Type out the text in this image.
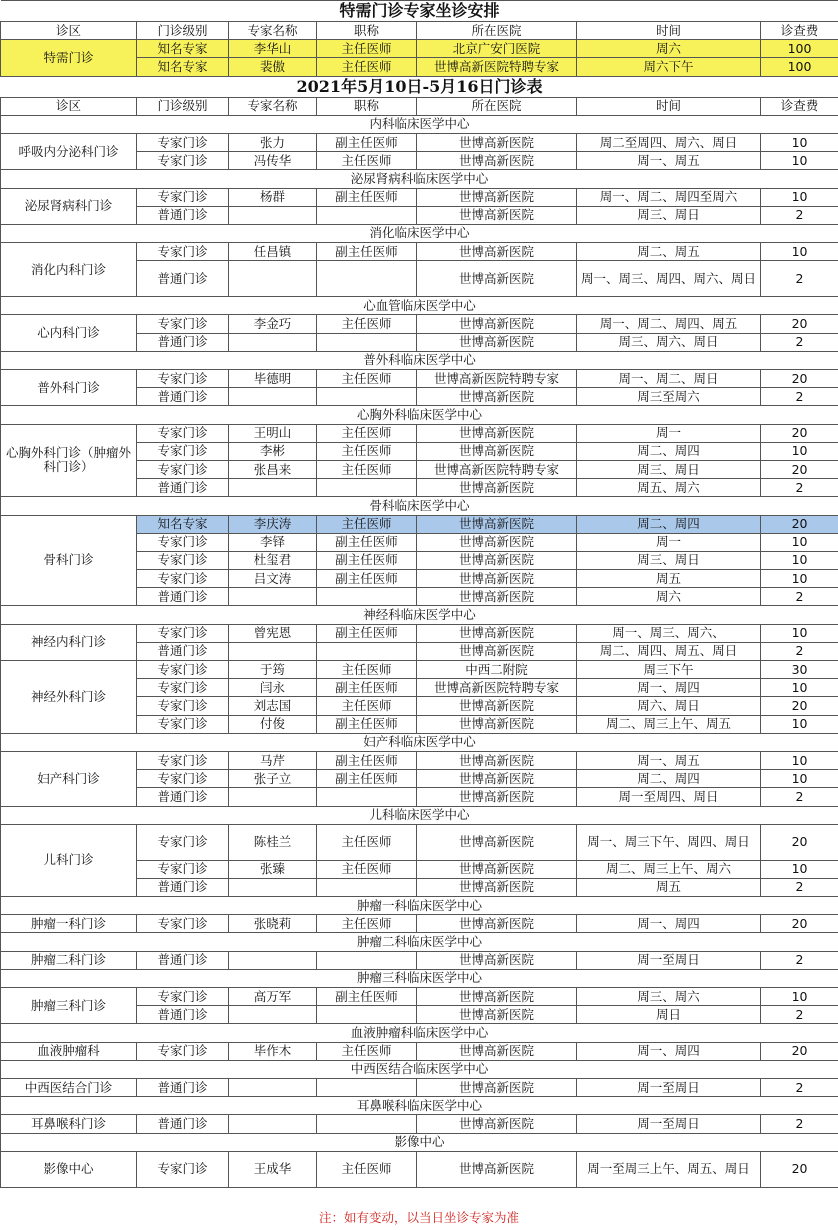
特需门诊专家坐诊安排						
诊区	门诊级别	专家名称	职称	所在医院	时间	诊查费
特需门诊	知名专家	李华山	主任医师	北京广安门医院	周六	100
	知名专家	裴傲	主任医师	世博高新医院特聘专家	周六下午	100
2021年5月10日-5月16日门诊表						
诊区	门诊级别	专家名称	职称	所在医院	时间	诊查费
内科临床医学中心						
呼吸内分泌科门诊	专家门诊	张力	副主任医师	世博高新医院	周二至周四、周六、周日	10
	专家门诊	冯传华	主任医师	世博高新医院	周一、周五	10
泌尿肾病科临床医学中心						
泌尿肾病科门诊	专家门诊	杨群	副主任医师	世博高新医院	周一、周二、周四至周六	10
	普通门诊			世博高新医院	周三、周日	2
消化临床医学中心						
消化内科门诊	专家门诊	任昌镇	副主任医师	世博高新医院	周二、周五	10
	普通门诊			世博高新医院	周一、周三、周四、周六、周日	2
心血管临床医学中心						
心内科门诊	专家门诊	李金巧	主任医师	世博高新医院	周一、周二、周四、周五	20
	普通门诊			世博高新医院	周三、周六、周日	2
普外科临床医学中心						
普外科门诊	专家门诊	毕德明	主任医师	世博高新医院特聘专家	周一、周二、周日	20
	普通门诊			世博高新医院	周三至周六	2
心胸外科临床医学中心						
心胸外科门诊（肿瘤外科门诊）	专家门诊	王明山	主任医师	世博高新医院	周一	20
	专家门诊	李彬	主任医师	世博高新医院	周二、周四	10
	专家门诊	张昌来	主任医师	世博高新医院特聘专家	周三、周日	20
	普通门诊			世博高新医院	周五、周六	2
骨科临床医学中心						
骨科门诊	知名专家	李庆涛	主任医师	世博高新医院	周二、周四	20
	专家门诊	李铎	副主任医师	世博高新医院	周一	10
	专家门诊	杜玺君	副主任医师	世博高新医院	周三、周日	10
	专家门诊	吕文涛	副主任医师	世博高新医院	周五	10
	普通门诊			世博高新医院	周六	2
神经科临床医学中心						
神经内科门诊	专家门诊	曾宪恩	副主任医师	世博高新医院	周一、周三、周六、	10
	普通门诊			世博高新医院	周二、周四、周五、周日	2
神经外科门诊	专家门诊	于筠	主任医师	中西二附院	周三下午	30
	专家门诊	闫永	副主任医师	世博高新医院特聘专家	周一、周四	10
	专家门诊	刘志国	主任医师	世博高新医院	周六、周日	20
	专家门诊	付俊	副主任医师	世博高新医院	周二、周三上午、周五	10
妇产科临床医学中心						
妇产科门诊	专家门诊	马芹	副主任医师	世博高新医院	周一、周五	10
	专家门诊	张子立	副主任医师	世博高新医院	周二、周四	10
	普通门诊			世博高新医院	周一至周四、周日	2
儿科临床医学中心						
儿科门诊	专家门诊	陈桂兰	主任医师	世博高新医院	周一、周三下午、周四、周日	20
	专家门诊	张臻	主任医师	世博高新医院	周二、周三上午、周六	10
	普通门诊			世博高新医院	周五	2
肿瘤一科临床医学中心						
肿瘤一科门诊	专家门诊	张晓莉	主任医师	世博高新医院	周一、周四	20
肿瘤二科临床医学中心						
肿瘤二科门诊	普通门诊			世博高新医院	周一至周日	2
肿瘤三科临床医学中心						
肿瘤三科门诊	专家门诊	高万军	副主任医师	世博高新医院	周三、周六	10
	普通门诊			世博高新医院	周日	2
血液肿瘤科临床医学中心						
血液肿瘤科	专家门诊	毕作木	主任医师	世博高新医院	周一、周四	20
中西医结合临床医学中心						
中西医结合门诊	普通门诊			世博高新医院	周一至周日	2
耳鼻喉科临床医学中心						
耳鼻喉科门诊	普通门诊			世博高新医院	周一至周日	2
影像中心						
影像中心	专家门诊	王成华	主任医师	世博高新医院	周一至周三上午、周五、周日	20
注：如有变动，以当日坐诊专家为准
